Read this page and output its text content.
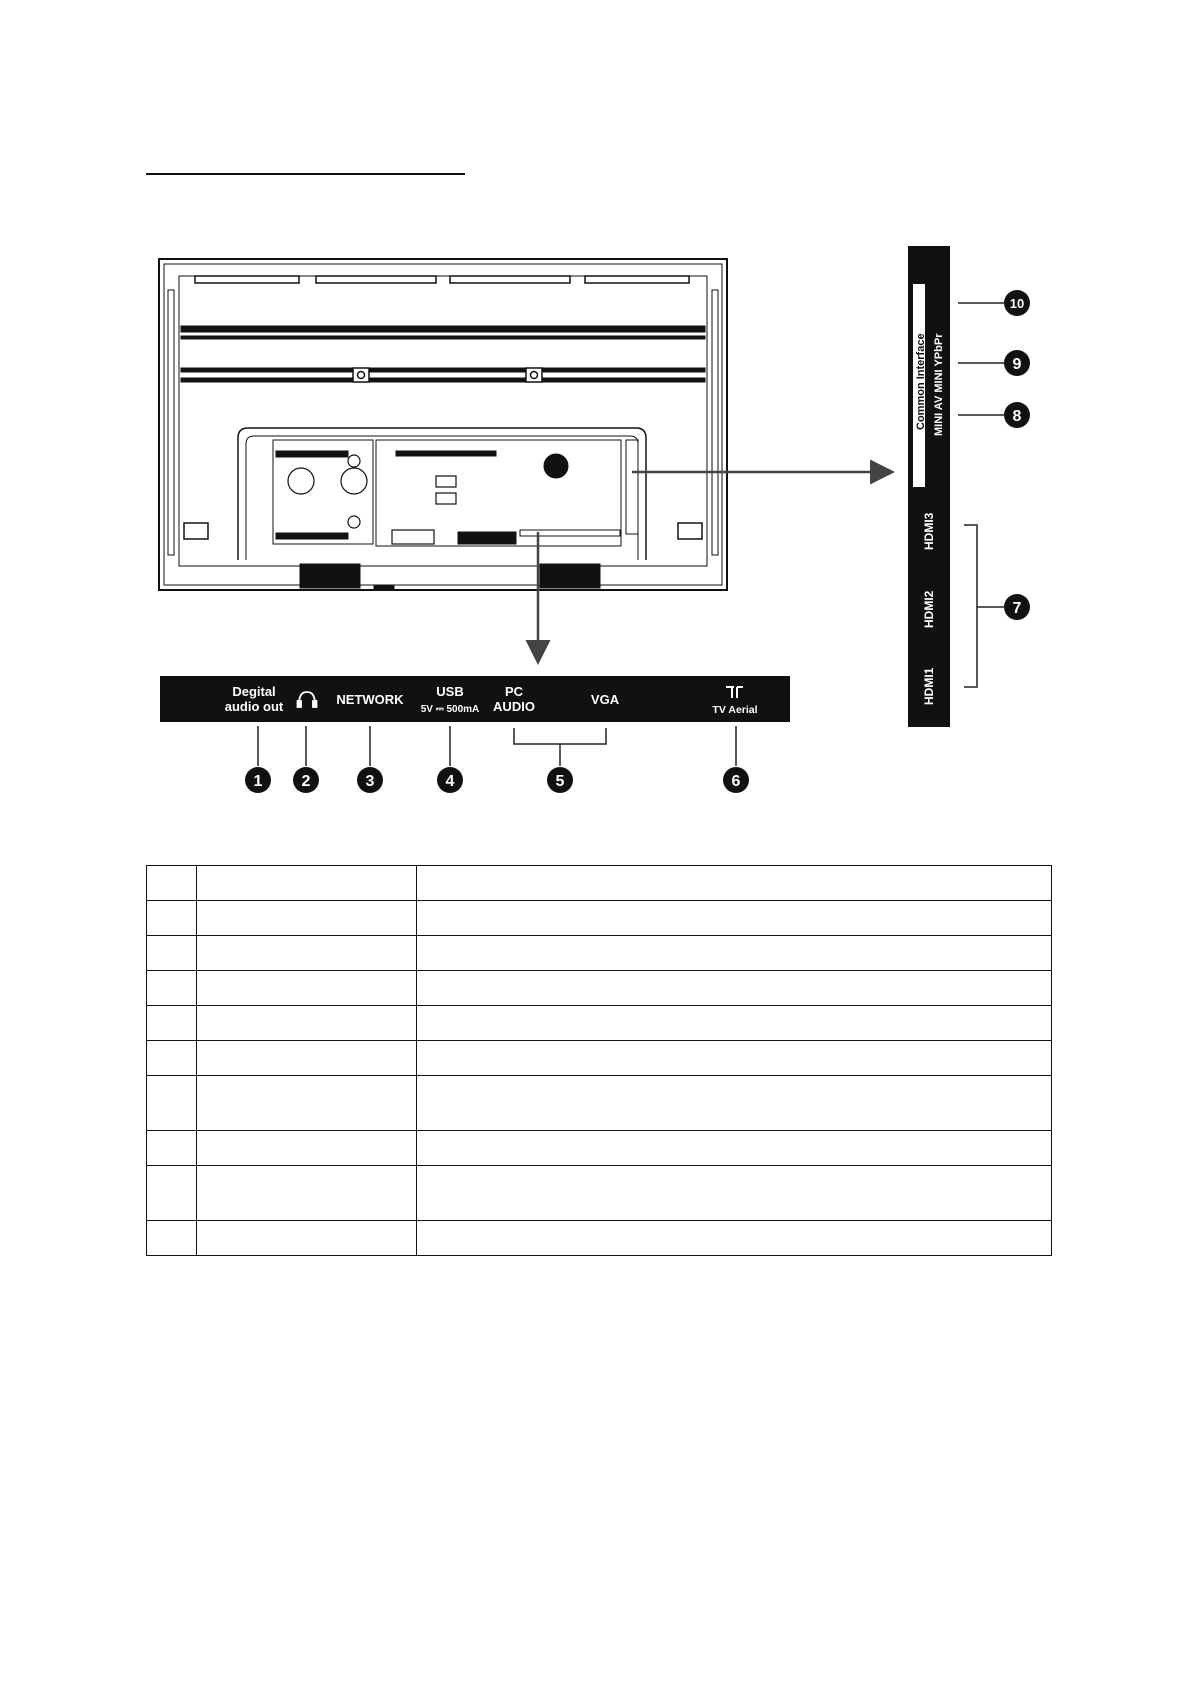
Degital
audio out	NETWORK
USB
5V ⎓ 500mA
PC
AUDIO	VGA
TV Aerial
1 2	3	4	5	6
Common Interface MINI AV MINI YPbPr
HDMI3
HDMI2
HDMI1
10
9
8
7
